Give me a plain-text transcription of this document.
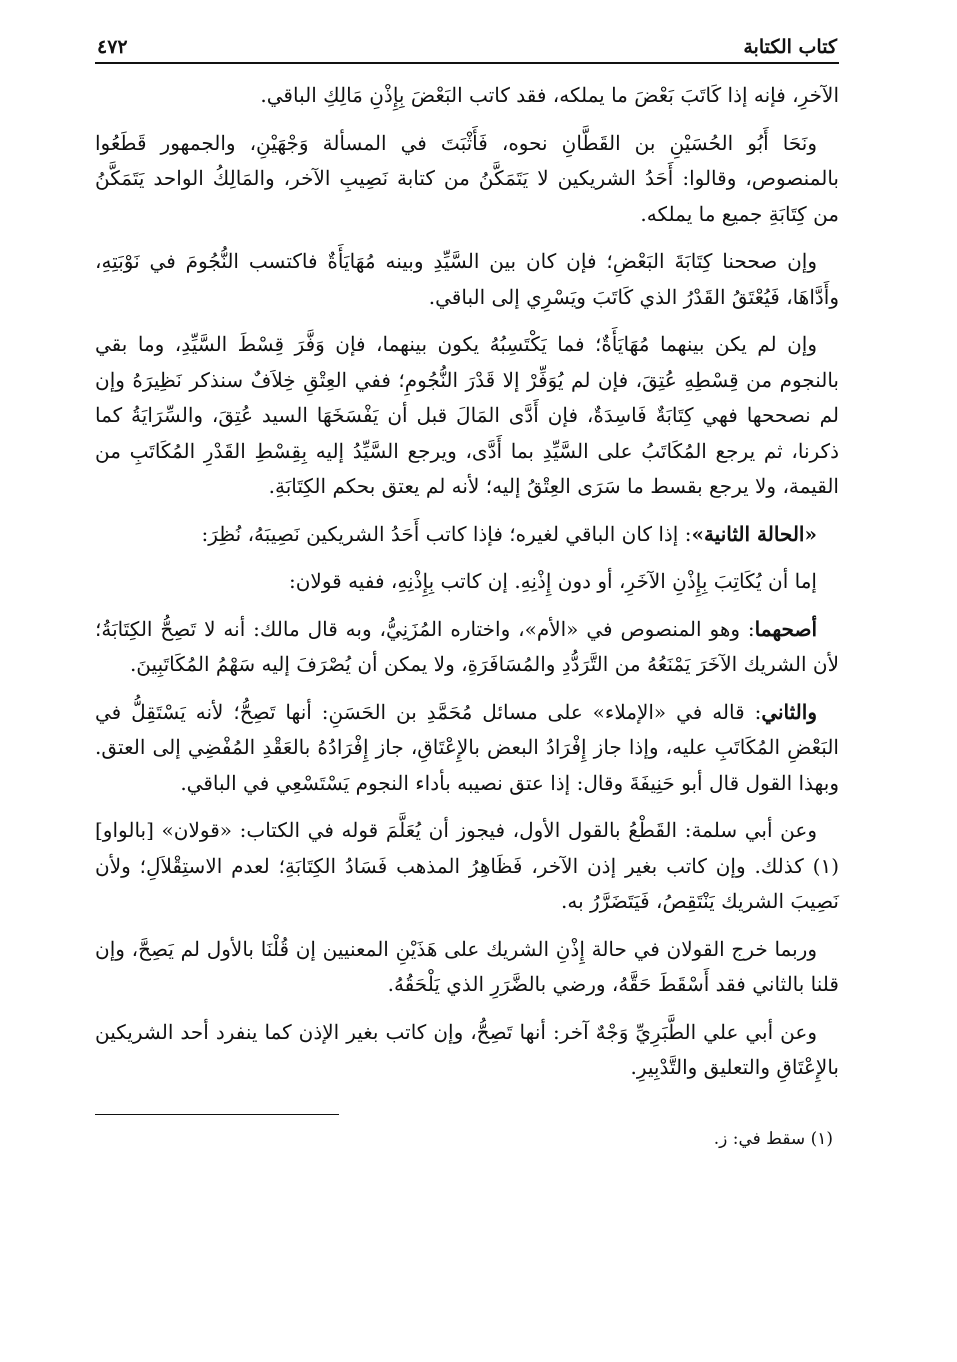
كتاب الكتابة
٤٧٢

الآخرِ، فإنه إذا كَاتَبَ بَعْضَ ما يملكه، فقد كاتب البَعْضَ بِإِذْنِ مَالِكِ الباقي.

ونَحَا أَبُو الحُسَيْنِ بن القَطَّانِ نحوه، فَأَثْبَتَ في المسألة وَجْهَيْنِ، والجمهور قَطَعُوا بالمنصوص، وقالوا: أَحَدُ الشريكين لا يَتَمَكَّنُ من كتابة نَصِيبِ الآخر، والمَالِكُ الواحد يَتَمَكَّنُ من كِتَابَةِ جميع ما يملكه.

وإن صححنا كِتَابَةَ البَعْضِ؛ فإن كان بين السَّيِّدِ وبينه مُهَايَأَةٌ فاكتسب النُّجُومَ في نَوْبَتِهِ، وأَدَّاهَا، فَيُعْتَقُ القَدْرُ الذي كَاتَبَ ويَسْرِي إلى الباقي.

وإن لم يكن بينهما مُهَايَأَةٌ؛ فما يَكْتَسِبُهُ يكون بينهما، فإن وَفَّرَ قِسْطَ السَّيِّدِ، وما بقي بالنجوم من قِسْطِهِ عُتِقَ، فإن لم يُوَفِّرْ إلا قَدْرَ النُّجُومِ؛ ففي العِتْقِ خِلاَفٌ سنذكر نَظِيرَهُ وإن لم نصححها فهي كِتَابَةٌ فَاسِدَةٌ، فإن أَدَّى المَالَ قبل أن يَفْسَخَهَا السيد عُتِقَ، والسِّرَايَةُ كما ذكرنا، ثم يرجع المُكَاتَبُ على السَّيِّدِ بما أَدَّى، ويرجع السَّيِّدُ إليه بِقِسْطِ القَدْرِ المُكَاتَبِ من القيمة، ولا يرجع بقسط ما سَرَى العِتْقُ إليه؛ لأنه لم يعتق بحكم الكِتَابَةِ.

«الحالة الثانية»: إذا كان الباقي لغيره؛ فإذا كاتب أَحَدُ الشريكين نَصِيبَهُ، نُظِرَ:

إما أن يُكَاتِبَ بِإِذْنِ الآخَرِ، أو دون إِذْنِهِ. إن كاتب بِإِذْنِهِ، ففيه قولان:

أصحهما: وهو المنصوص في «الأم»، واختاره المُزَنِيُّ، وبه قال مالك: أنه لا تَصِحُّ الكِتَابَةُ؛ لأن الشريك الآخَرَ يَمْنَعُهُ من التَّرَدُّدِ والمُسَافَرَةِ، ولا يمكن أن يُصْرَفَ إليه سَهْمُ المُكَاتَبِينَ.

والثاني: قاله في «الإملاء» على مسائل مُحَمَّدِ بن الحَسَنِ: أنها تَصِحُّ؛ لأنه يَسْتَقِلُّ في البَعْضِ المُكَاتَبِ عليه، وإذا جاز إِفْرَادُ البعض بالإِعْتَاقِ، جاز إِفْرَادُهُ بالعَقْدِ المُفْضِي إلى العتق. وبهذا القول قال أبو حَنِيفَةَ وقال: إذا عتق نصيبه بأداء النجوم يَسْتَسْعِي في الباقي.

وعن أبي سلمة: القَطْعُ بالقول الأول، فيجوز أن يُعَلَّمَ قوله في الكتاب: «قولان» [بالواو](١) كذلك. وإن كاتب بغير إذن الآخر، فَظَاهِرُ المذهب فَسَادُ الكِتَابَةِ؛ لعدم الاستِقْلاَلِ؛ ولأن نَصِيبَ الشريك يَنْتَقِصُ، فَيَتَضَرَّرُ به.

وربما خرج القولان في حالة إِذْنِ الشريك على هَذَيْنِ المعنيين إن قُلْنَا بالأول لم يَصِحَّ، وإن قلنا بالثاني فقد أَسْقَطَ حَقَّهُ، ورضي بالضَّرَرِ الذي يَلْحَقُهُ.

وعن أبي علي الطَّبَرِيِّ وَجْهٌ آخر: أنها تَصِحُّ، وإن كاتب بغير الإذن كما ينفرد أحد الشريكين بالإِعْتَاقِ والتعليق والتَّدْبِيرِ.

(١) سقط في: ز.
